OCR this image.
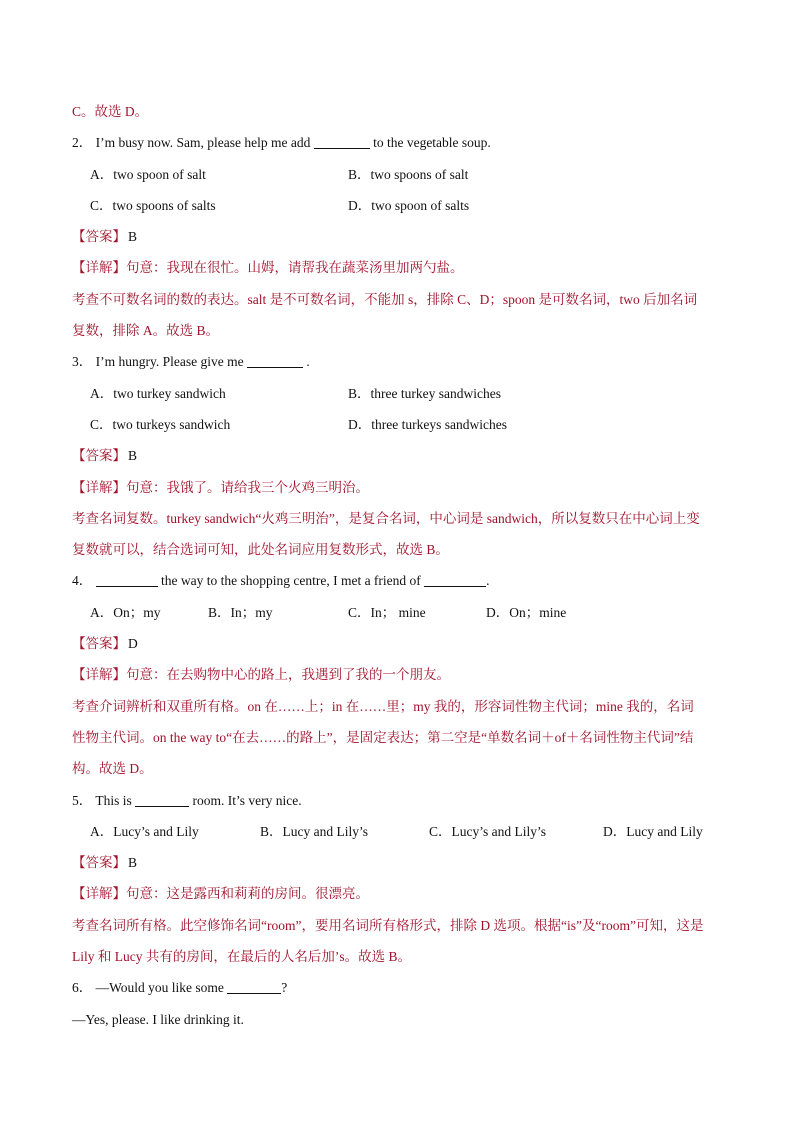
C。故选 D。
2． I’m busy now. Sam, please help me add	to the vegetable soup.
A．two spoon of salt	B．two spoons of salt
C．two spoons of salts	D．two spoon of salts
【答案】 B
【详解】句意：我现在很忙。山姆，请帮我在蔬菜汤里加两勺盐。
考查不可数名词的数的表达。salt 是不可数名词，不能加 s，排除 C、D；spoon 是可数名词，two 后加名词
复数，排除 A。故选 B。
3． I’m hungry. Please give me	.
A．two turkey sandwich	B．three turkey sandwiches
C．two turkeys sandwich	D．three turkeys sandwiches
【答案】 B
【详解】句意：我饿了。请给我三个火鸡三明治。
考查名词复数。turkey sandwich“火鸡三明治”，是复合名词，中心词是 sandwich，所以复数只在中心词上变
复数就可以，结合选词可知，此处名词应用复数形式，故选 B。
4．	the way to the shopping centre, I met a friend of	.
A．On；my	B．In；my	C．In； mine	D．On；mine
【答案】 D
【详解】句意：在去购物中心的路上，我遇到了我的一个朋友。
考查介词辨析和双重所有格。on 在……上；in 在……里；my 我的，形容词性物主代词；mine 我的，名词
性物主代词。on the way to“在去……的路上”，是固定表达；第二空是“单数名词＋of＋名词性物主代词”结
构。故选 D。
5． This is	room. It’s very nice.
A．Lucy’s and Lily	B．Lucy and Lily’s	C．Lucy’s and Lily’s	D．Lucy and Lily
【答案】 B
【详解】句意：这是露西和莉莉的房间。很漂亮。
考查名词所有格。此空修饰名词“room”，要用名词所有格形式，排除 D 选项。根据“is”及“room”可知，这是
Lily 和 Lucy 共有的房间，在最后的人名后加’s。故选 B。
6． —Would you like some	?
—Yes, please. I like drinking it.
